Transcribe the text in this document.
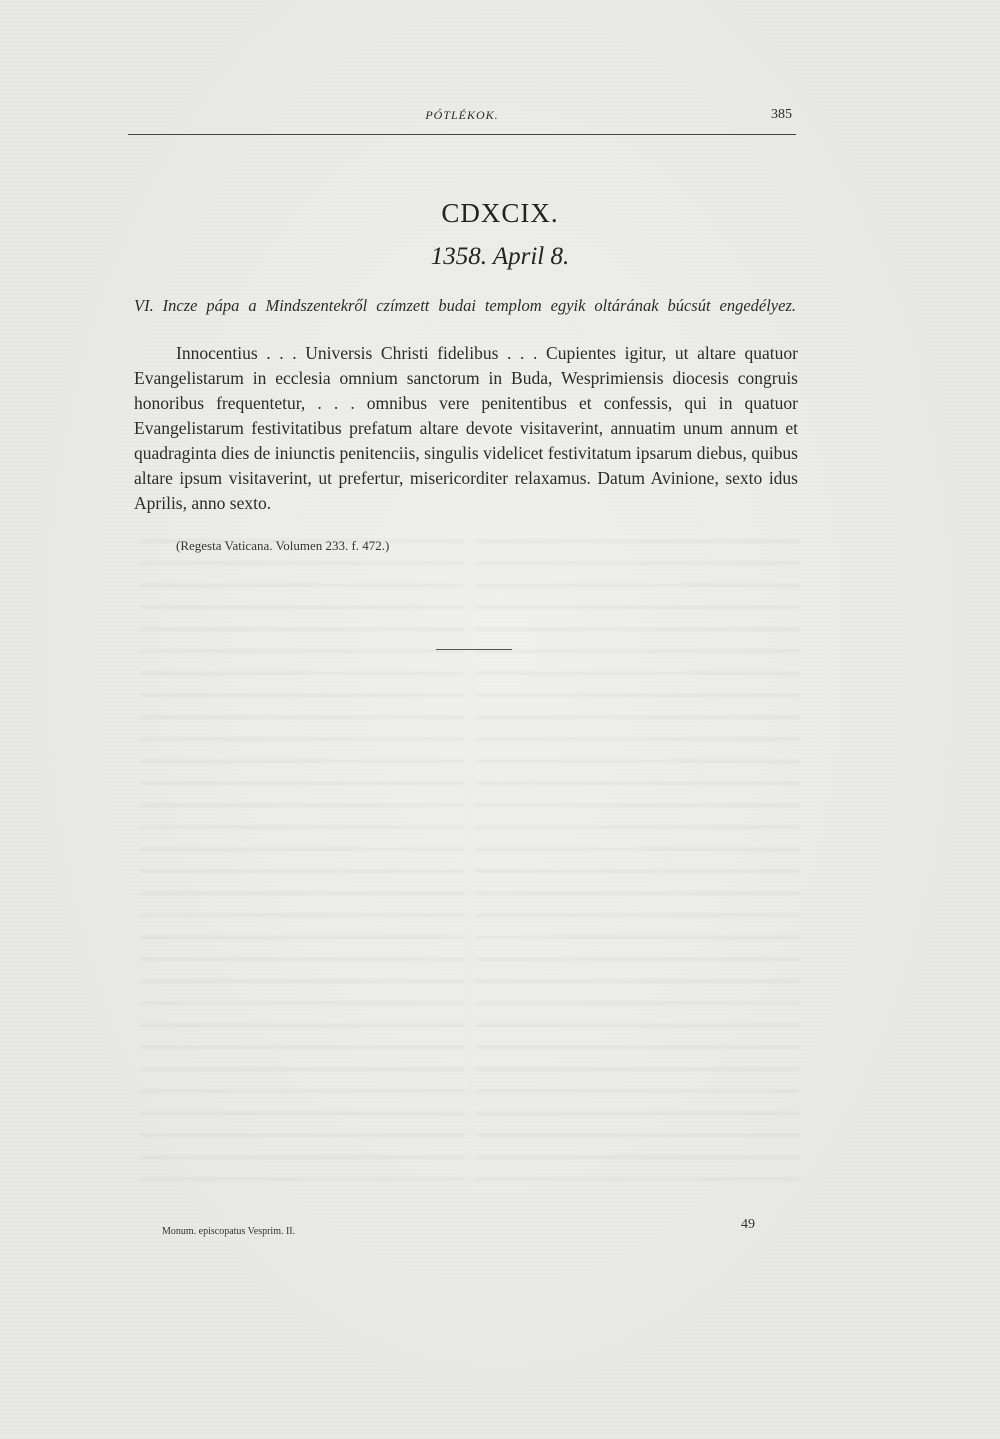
PÓTLÉKOK.	385
CDXCIX.
1358. April 8.
VI. Incze pápa a Mindszentekről czímzett budai templom egyik oltárának búcsút engedélyez.

Innocentius . . . Universis Christi fidelibus . . . Cupientes igitur, ut altare quatuor Evangelistarum in ecclesia omnium sanctorum in Buda, Wesprimiensis diocesis congruis honoribus frequentetur, . . . omnibus vere penitentibus et confessis, qui in quatuor Evangelistarum festivitatibus prefatum altare devote visitaverint, annuatim unum annum et quadraginta dies de iniunctis penitenciis, singulis videlicet festivitatum ipsarum diebus, quibus altare ipsum visitaverint, ut prefertur, misericorditer relaxamus. Datum Avinione, sexto idus Aprilis, anno sexto.

(Regesta Vaticana. Volumen 233. f. 472.)
Monum. episcopatus Vesprim. II.	49
